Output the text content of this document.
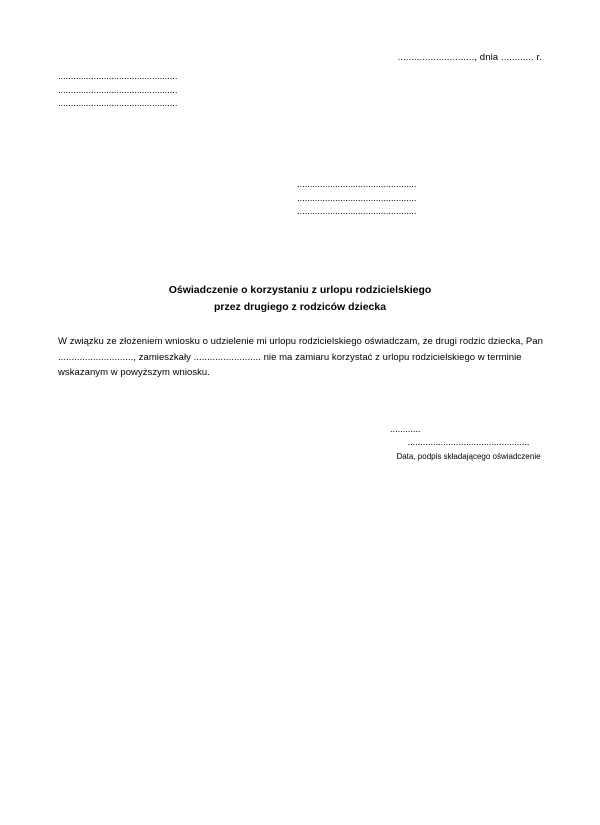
............................, dnia ............ r.
...............................................
...............................................
...............................................
...............................................
...............................................
...............................................
Oświadczenie o korzystaniu z urlopu rodzicielskiego
przez drugiego z rodziców dziecka
W związku ze złożeniem wniosku o udzielenie mi urlopu rodzicielskiego oświadczam, że drugi rodzic dziecka, Pan ............................, zamieszkały ......................... nie ma zamiaru korzystać z urlopu rodzicielskiego w terminie wskazanym w powyższym wniosku.
............
................................................
Data, podpis składającego oświadczenie
